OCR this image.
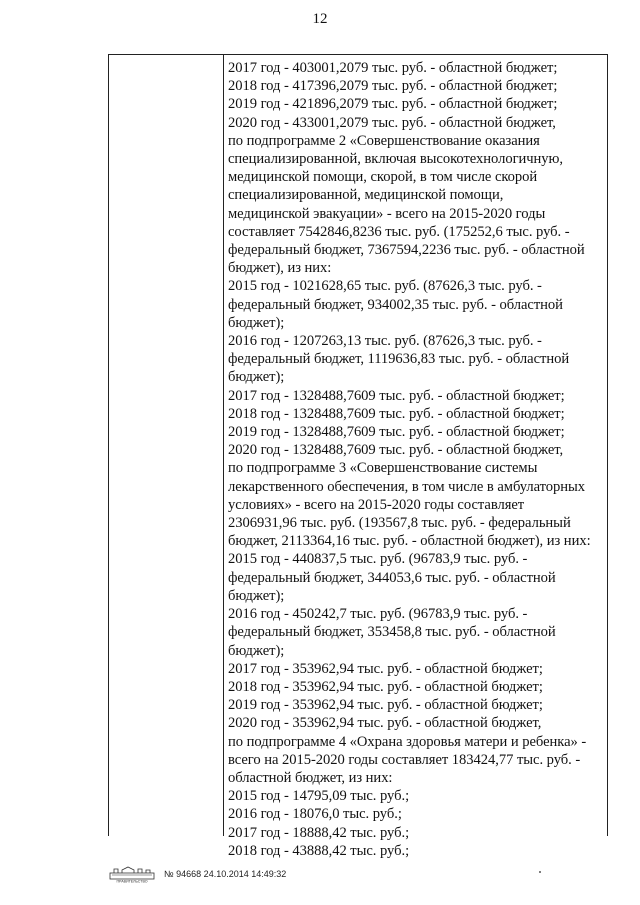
12
2017 год - 403001,2079 тыс. руб. - областной бюджет;
2018 год - 417396,2079 тыс. руб. - областной бюджет;
2019 год - 421896,2079 тыс. руб. - областной бюджет;
2020 год - 433001,2079 тыс. руб. - областной бюджет,
по подпрограмме 2 «Совершенствование оказания
специализированной, включая высокотехнологичную,
медицинской помощи, скорой, в том числе скорой
специализированной, медицинской помощи,
медицинской эвакуации» - всего на 2015-2020 годы
составляет 7542846,8236 тыс. руб. (175252,6 тыс. руб. -
федеральный бюджет, 7367594,2236 тыс. руб. - областной
бюджет), из них:
2015 год - 1021628,65 тыс. руб. (87626,3 тыс. руб. -
федеральный бюджет, 934002,35 тыс. руб. - областной
бюджет);
2016 год - 1207263,13 тыс. руб. (87626,3 тыс. руб. -
федеральный бюджет, 1119636,83 тыс. руб. - областной
бюджет);
2017 год - 1328488,7609 тыс. руб. - областной бюджет;
2018 год - 1328488,7609 тыс. руб. - областной бюджет;
2019 год - 1328488,7609 тыс. руб. - областной бюджет;
2020 год - 1328488,7609 тыс. руб. - областной бюджет,
по подпрограмме 3 «Совершенствование системы
лекарственного обеспечения, в том числе в амбулаторных
условиях» - всего на 2015-2020 годы составляет
2306931,96 тыс. руб. (193567,8 тыс. руб. - федеральный
бюджет, 2113364,16 тыс. руб. - областной бюджет), из них:
2015 год - 440837,5 тыс. руб. (96783,9 тыс. руб. -
федеральный бюджет, 344053,6 тыс. руб. - областной
бюджет);
2016 год - 450242,7 тыс. руб. (96783,9 тыс. руб. -
федеральный бюджет, 353458,8 тыс. руб. - областной
бюджет);
2017 год - 353962,94 тыс. руб. - областной бюджет;
2018 год - 353962,94 тыс. руб. - областной бюджет;
2019 год - 353962,94 тыс. руб. - областной бюджет;
2020 год - 353962,94 тыс. руб. - областной бюджет,
по подпрограмме 4 «Охрана здоровья матери и ребенка» -
всего на 2015-2020 годы составляет 183424,77 тыс. руб. -
областной бюджет, из них:
2015 год - 14795,09 тыс. руб.;
2016 год - 18076,0 тыс. руб.;
2017 год - 18888,42 тыс. руб.;
2018 год - 43888,42 тыс. руб.;
ПРАВИТЕЛЬСТВО
№ 94668 24.10.2014 14:49:32
